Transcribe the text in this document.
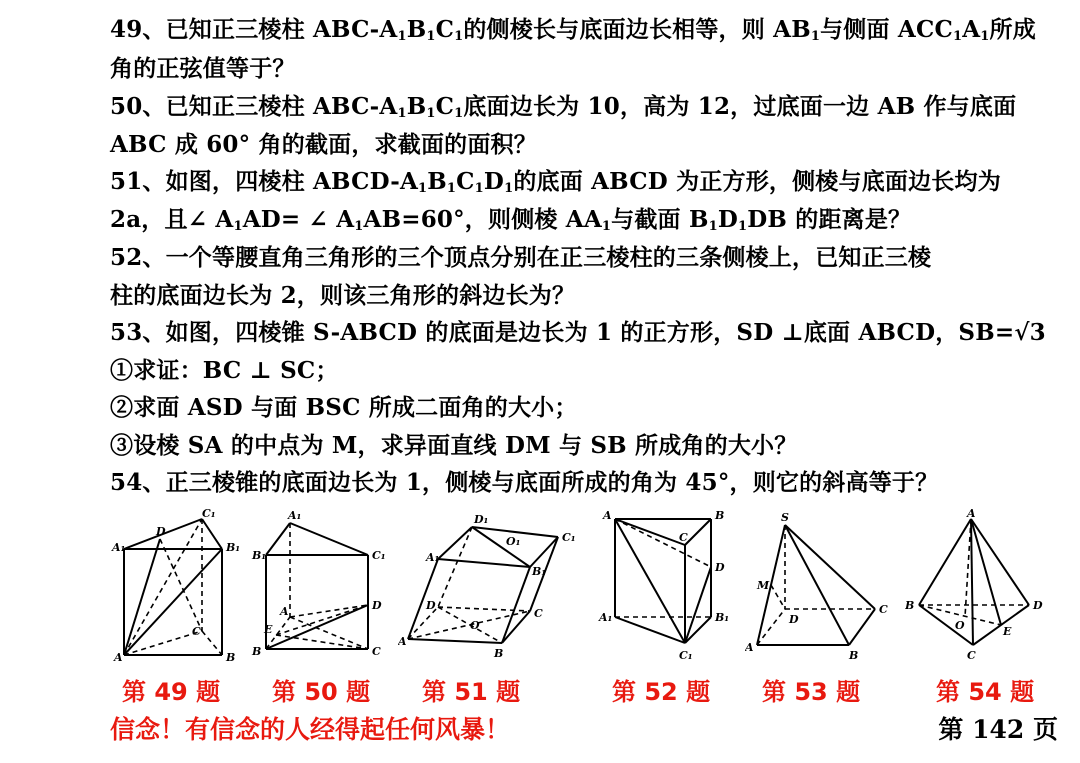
49、已知正三棱柱 ABC-$A_1B_1C_1$的侧棱长与底面边长相等，则 $AB_1$与侧面 $ACC_1A_1$所成
角的正弦值等于？
50、已知正三棱柱 ABC-$A_1B_1C_1$底面边长为 10，高为 12，过底面一边 AB 作与底面
ABC 成 60° 角的截面，求截面的面积？
51、如图，四棱柱 ABCD-$A_1B_1C_1D_1$的底面 ABCD 为正方形，侧棱与底面边长均为
2a，且∠ $A_1AD=$ ∠ $A_1AB=60^\circ$，则侧棱 $AA_1$与截面 $B_1D_1DB$ 的距离是？
52、一个等腰直角三角形的三个顶点分别在正三棱柱的三条侧棱上，已知正三棱
柱的底面边长为 2，则该三角形的斜边长为？
53、如图，四棱锥 S-ABCD 的底面是边长为 1 的正方形，SD ⊥底面 ABCD，SB=√3
①求证：BC ⊥ SC；
②求面 ASD 与面 BSC 所成二面角的大小；
③设棱 SA 的中点为 M，求异面直线 DM 与 SB 所成角的大小？
54、正三棱锥的底面边长为 1，侧棱与底面所成的角为 45°，则它的斜高等于？
C₁
D
A₁	B₁
C
A	B
A₁
B₁	C₁
A	D
E
B	C
D₁
O₁	C₁
A₁
B₁
D
O
C
A
B
A	B
C
D
A₁	B₁
C₁
S
M
D
C
A
B
A
B	D
O	E
C
第 49 题 第 50 题 第 51 题	第 52 题 第 53 题	第 54 题
信念！有信念的人经得起任何风暴！	第 142 页
